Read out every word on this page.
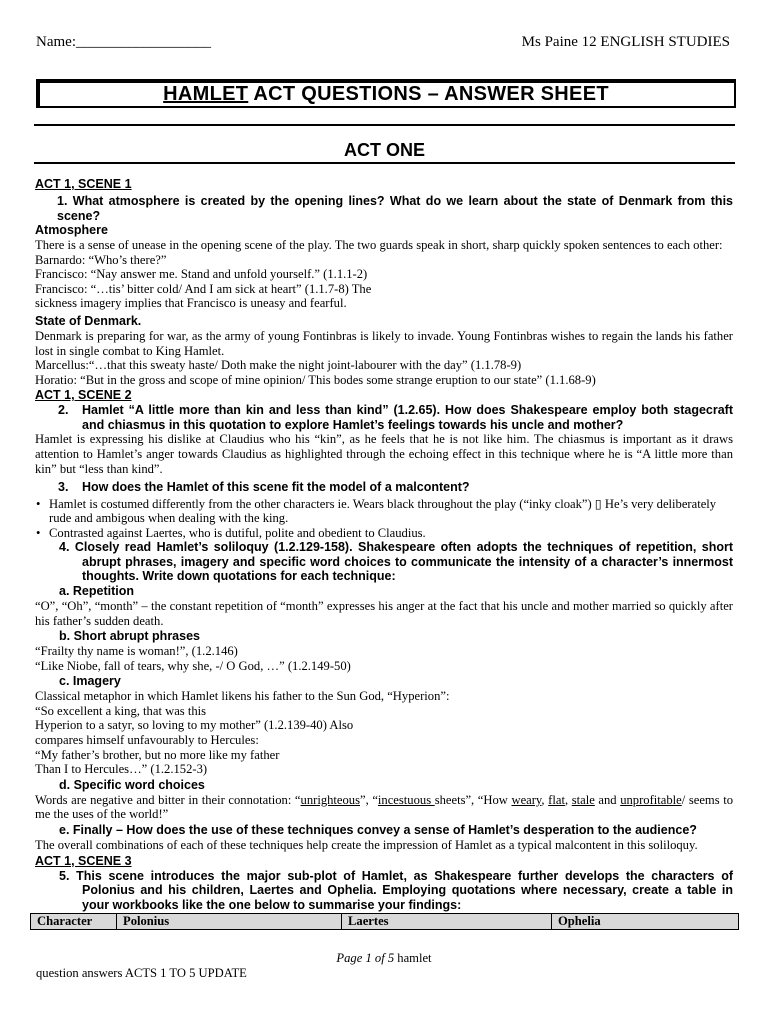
Name:__________________	Ms Paine 12 ENGLISH STUDIES
HAMLET ACT QUESTIONS – ANSWER SHEET
ACT ONE
ACT 1, SCENE 1
1. What atmosphere is created by the opening lines? What do we learn about the state of Denmark from this scene?
Atmosphere
There is a sense of unease in the opening scene of the play. The two guards speak in short, sharp quickly spoken sentences to each other:
Barnardo: “Who’s there?”
Francisco: “Nay answer me. Stand and unfold yourself.” (1.1.1-2)
Francisco: “…tis’ bitter cold/ And I am sick at heart” (1.1.7-8) The
sickness imagery implies that Francisco is uneasy and fearful.
State of Denmark.
Denmark is preparing for war, as the army of young Fontinbras is likely to invade. Young Fontinbras wishes to regain the lands his father lost in single combat to King Hamlet.
Marcellus:“…that this sweaty haste/ Doth make the night joint-labourer with the day” (1.1.78-9)
Horatio: “But in the gross and scope of mine opinion/ This bodes some strange eruption to our state” (1.1.68-9)
ACT 1, SCENE 2
2. Hamlet “A little more than kin and less than kind” (1.2.65). How does Shakespeare employ both stagecraft and chiasmus in this quotation to explore Hamlet’s feelings towards his uncle and mother?
Hamlet is expressing his dislike at Claudius who his “kin”, as he feels that he is not like him. The chiasmus is important as it draws attention to Hamlet’s anger towards Claudius as highlighted through the echoing effect in this technique where he is “A little more than kin” but “less than kind”.
3. How does the Hamlet of this scene fit the model of a malcontent?
• Hamlet is costumed differently from the other characters ie. Wears black throughout the play (“inky cloak”) ▯ He’s very deliberately rude and ambigous when dealing with the king.
• Contrasted against Laertes, who is dutiful, polite and obedient to Claudius.
4. Closely read Hamlet’s soliloquy (1.2.129-158). Shakespeare often adopts the techniques of repetition, short abrupt phrases, imagery and specific word choices to communicate the intensity of a character’s innermost thoughts. Write down quotations for each technique:
a. Repetition
“O”, “Oh”, “month” – the constant repetition of “month” expresses his anger at the fact that his uncle and mother married so quickly after his father’s sudden death.
b. Short abrupt phrases
“Frailty thy name is woman!”, (1.2.146)
“Like Niobe, fall of tears, why she, -/ O God, …” (1.2.149-50)
c. Imagery
Classical metaphor in which Hamlet likens his father to the Sun God, “Hyperion”:
“So excellent a king, that was this
Hyperion to a satyr, so loving to my mother” (1.2.139-40) Also
compares himself unfavourably to Hercules:
“My father’s brother, but no more like my father
Than I to Hercules…” (1.2.152-3)
d. Specific word choices
Words are negative and bitter in their connotation: “unrighteous”, “incestuous sheets”, “How weary, flat, stale and unprofitable/ seems to me the uses of the world!”
e. Finally – How does the use of these techniques convey a sense of Hamlet’s desperation to the audience?
The overall combinations of each of these techniques help create the impression of Hamlet as a typical malcontent in this soliloquy.
ACT 1, SCENE 3
5. This scene introduces the major sub-plot of Hamlet, as Shakespeare further develops the characters of Polonius and his children, Laertes and Ophelia. Employing quotations where necessary, create a table in your workbooks like the one below to summarise your findings:
Character	Polonius	Laertes	Ophelia
Page 1 of 5 hamlet
question answers ACTS 1 TO 5 UPDATE
